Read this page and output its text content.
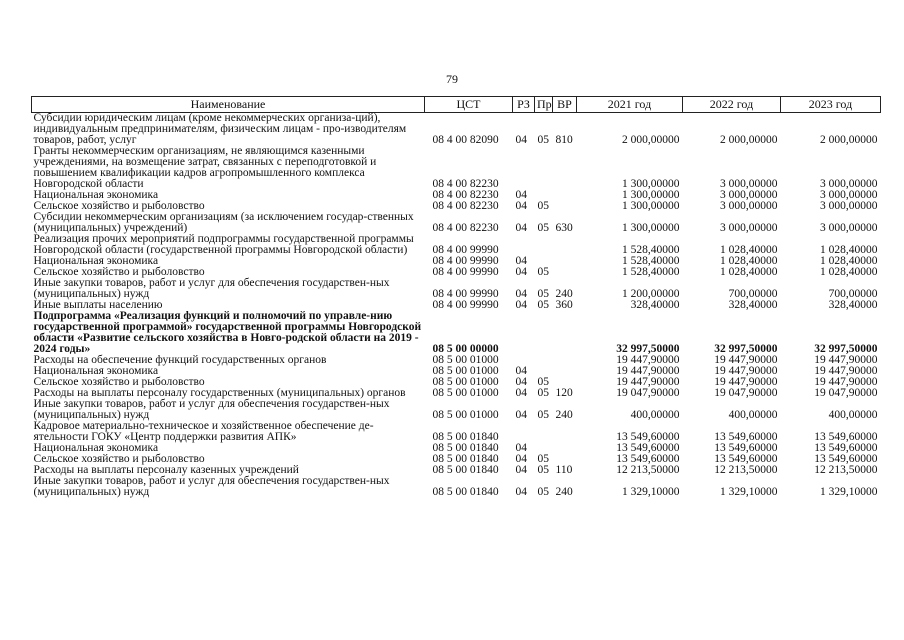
79
Наименование	ЦСТ	РЗ	Пр	ВР	2021 год	2022 год	2023 год
Субсидии юридическим лицам (кроме некоммерческих организа-ций), индивидуальным предпринимателям, физическим лицам - про-изводителям товаров, работ, услуг	08 4 00 82090	04	05	810	2 000,00000	2 000,00000	2 000,00000
Гранты некоммерческим организациям, не являющимся казенными учреждениями, на возмещение затрат, связанных с переподготовкой и повышением квалификации кадров агропромышленного комплекса Новгородской области	08 4 00 82230				1 300,00000	3 000,00000	3 000,00000
Национальная экономика	08 4 00 82230	04			1 300,00000	3 000,00000	3 000,00000
Сельское хозяйство и рыболовство	08 4 00 82230	04	05		1 300,00000	3 000,00000	3 000,00000
Субсидии некоммерческим организациям (за исключением государ-ственных (муниципальных) учреждений)	08 4 00 82230	04	05	630	1 300,00000	3 000,00000	3 000,00000
Реализация прочих мероприятий подпрограммы государственной программы Новгородской области (государственной программы Новгородской области)	08 4 00 99990				1 528,40000	1 028,40000	1 028,40000
Национальная экономика	08 4 00 99990	04			1 528,40000	1 028,40000	1 028,40000
Сельское хозяйство и рыболовство	08 4 00 99990	04	05		1 528,40000	1 028,40000	1 028,40000
Иные закупки товаров, работ и услуг для обеспечения государствен-ных (муниципальных) нужд	08 4 00 99990	04	05	240	1 200,00000	700,00000	700,00000
Иные выплаты населению	08 4 00 99990	04	05	360	328,40000	328,40000	328,40000
Подпрограмма «Реализация функций и полномочий по управле-нию государственной программой» государственной программы Новгородской области «Развитие сельского хозяйства в Новго-родской области на 2019 - 2024 годы»	08 5 00 00000				32 997,50000	32 997,50000	32 997,50000
Расходы на обеспечение функций государственных органов	08 5 00 01000				19 447,90000	19 447,90000	19 447,90000
Национальная экономика	08 5 00 01000	04			19 447,90000	19 447,90000	19 447,90000
Сельское хозяйство и рыболовство	08 5 00 01000	04	05		19 447,90000	19 447,90000	19 447,90000
Расходы на выплаты персоналу государственных (муниципальных) органов	08 5 00 01000	04	05	120	19 047,90000	19 047,90000	19 047,90000
Иные закупки товаров, работ и услуг для обеспечения государствен-ных (муниципальных) нужд	08 5 00 01000	04	05	240	400,00000	400,00000	400,00000
Кадровое материально-техническое и хозяйственное обеспечение де-ятельности ГОКУ «Центр поддержки развития АПК»	08 5 00 01840				13 549,60000	13 549,60000	13 549,60000
Национальная экономика	08 5 00 01840	04			13 549,60000	13 549,60000	13 549,60000
Сельское хозяйство и рыболовство	08 5 00 01840	04	05		13 549,60000	13 549,60000	13 549,60000
Расходы на выплаты персоналу казенных учреждений	08 5 00 01840	04	05	110	12 213,50000	12 213,50000	12 213,50000
Иные закупки товаров, работ и услуг для обеспечения государствен-ных (муниципальных) нужд	08 5 00 01840	04	05	240	1 329,10000	1 329,10000	1 329,10000
